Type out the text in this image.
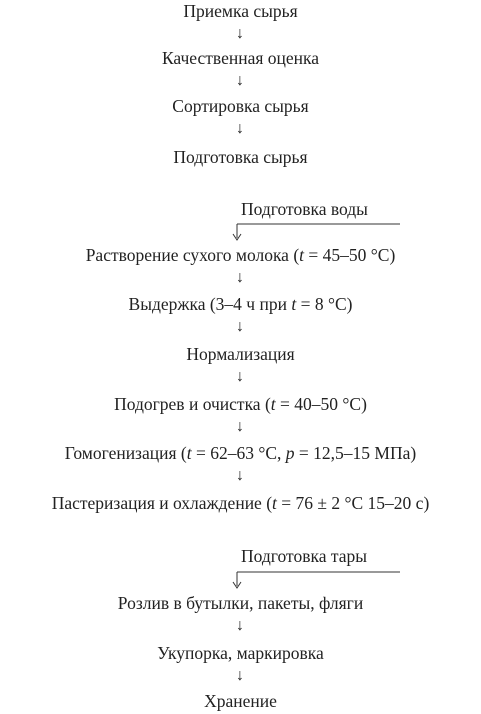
Приемка сырья
↓
Качественная оценка
↓
Сортировка сырья
↓
Подготовка сырья
Подготовка воды
Растворение сухого молока (t = 45–50 °C)
↓
Выдержка (3–4 ч при t = 8 °C)
↓
Нормализация
↓
Подогрев и очистка (t = 40–50 °C)
↓
Гомогенизация (t = 62–63 °C, p = 12,5–15 МПа)
↓
Пастеризация и охлаждение (t = 76 ± 2 °C 15–20 с)
Подготовка тары
Розлив в бутылки, пакеты, фляги
↓
Укупорка, маркировка
↓
Хранение
